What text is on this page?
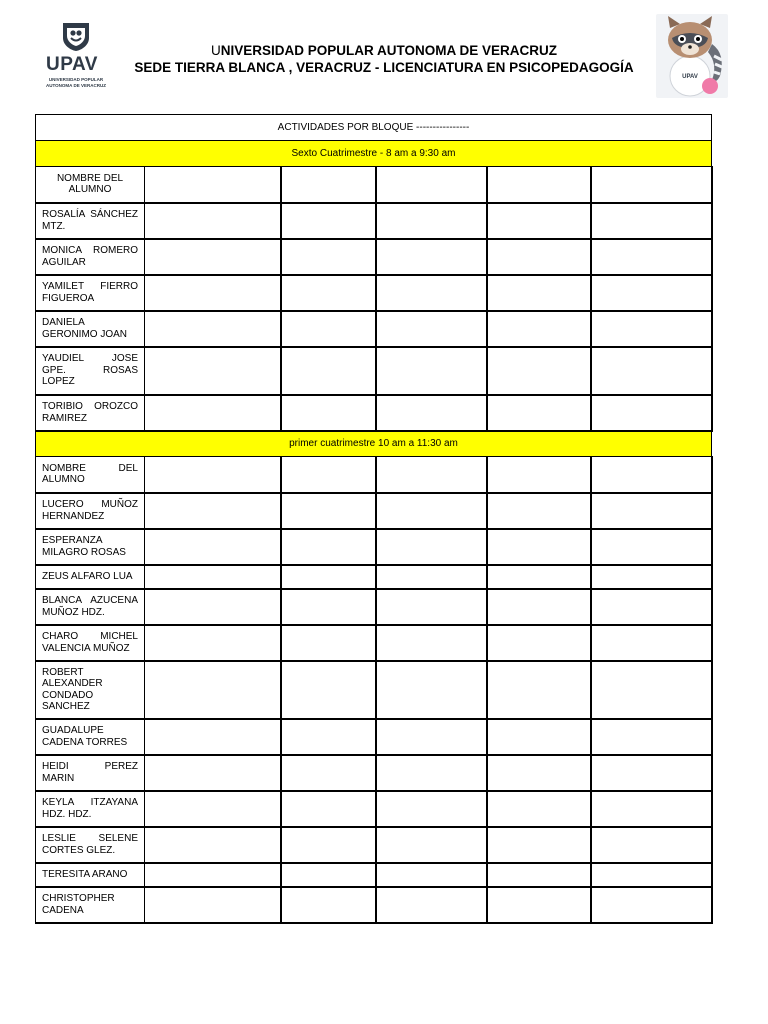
UPAV
UNIVERSIDAD POPULAR
AUTONOMA DE VERACRUZ
UNIVERSIDAD POPULAR AUTONOMA DE VERACRUZ
SEDE TIERRA BLANCA , VERACRUZ - LICENCIATURA EN PSICOPEDAGOGÍA
UPAV
ACTIVIDADES POR BLOQUE ----------------					
Sexto Cuatrimestre - 8 am a 9:30 am					
NOMBRE DEL ALUMNO					
ROSALÍA SÁNCHEZ MTZ.					
MONICA ROMERO AGUILAR					
YAMILET FIERRO FIGUEROA					
DANIELA GERONIMO JOAN					
YAUDIEL JOSE GPE. ROSAS LOPEZ					
TORIBIO OROZCO RAMIREZ					
primer cuatrimestre 10 am a 11:30 am					
NOMBRE DEL ALUMNO					
LUCERO MUÑOZ HERNANDEZ					
ESPERANZA MILAGRO ROSAS					
ZEUS ALFARO LUA					
BLANCA AZUCENA MUÑOZ HDZ.					
CHARO MICHEL VALENCIA MUÑOZ					
ROBERT ALEXANDER CONDADO SANCHEZ					
GUADALUPE CADENA TORRES					
HEIDI PEREZ MARIN					
KEYLA ITZAYANA HDZ. HDZ.					
LESLIE SELENE CORTES GLEZ.					
TERESITA ARANO					
CHRISTOPHER CADENA					
